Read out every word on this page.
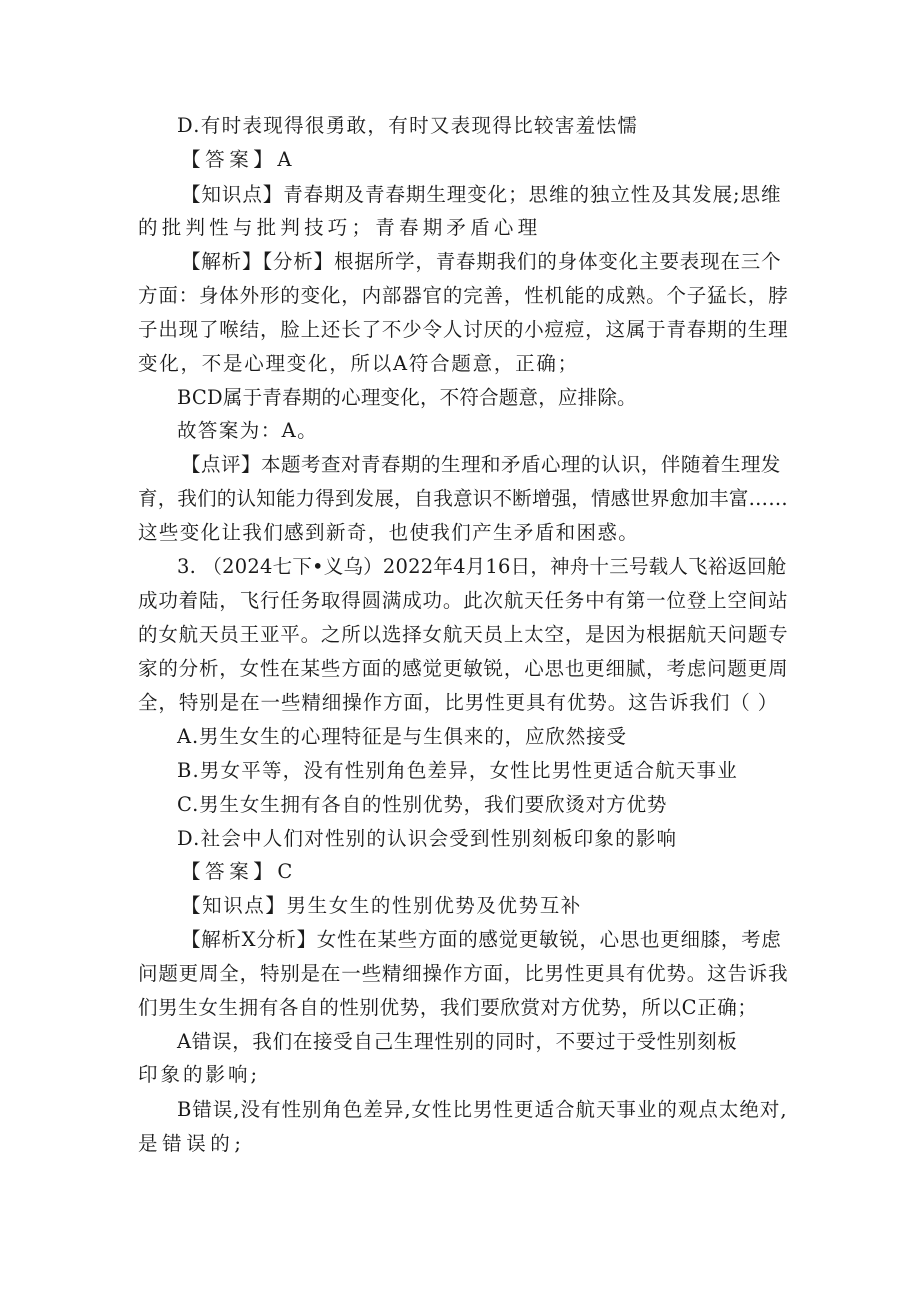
D.有时表现得很勇敢，有时又表现得比较害羞怯懦
【答案】A
【知识点】青春期及青春期生理变化；思维的独立性及其发展;思维
的批判性与批判技巧；青春期矛盾心理
【解析】【分析】根据所学，青春期我们的身体变化主要表现在三个
方面：身体外形的变化，内部器官的完善，性机能的成熟。个子猛长，脖
子出现了喉结，脸上还长了不少令人讨厌的小痘痘，这属于青春期的生理
变化，不是心理变化，所以A符合题意，正确；
BCD属于青春期的心理变化，不符合题意，应排除。
故答案为：A。
【点评】本题考查对青春期的生理和矛盾心理的认识，伴随着生理发
育，我们的认知能力得到发展，自我意识不断增强，情感世界愈加丰富……
这些变化让我们感到新奇，也使我们产生矛盾和困惑。
3. （2024七下•义乌）2022年4月16日，神舟十三号载人飞裕返回舱
成功着陆，飞行任务取得圆满成功。此次航天任务中有第一位登上空间站
的女航天员王亚平。之所以选择女航天员上太空，是因为根据航天问题专
家的分析，女性在某些方面的感觉更敏锐，心思也更细腻，考虑问题更周
全，特别是在一些精细操作方面，比男性更具有优势。这告诉我们（ ）
A.男生女生的心理特征是与生俱来的，应欣然接受
B.男女平等，没有性别角色差异，女性比男性更适合航天事业
C.男生女生拥有各自的性别优势，我们要欣烫对方优势
D.社会中人们对性别的认识会受到性别刻板印象的影响
【答案】C
【知识点】男生女生的性别优势及优势互补
【解析X分析】女性在某些方面的感觉更敏锐，心思也更细膝，考虑
问题更周全，特别是在一些精细操作方面，比男性更具有优势。这告诉我
们男生女生拥有各自的性别优势，我们要欣赏对方优势，所以C正确；
A错误，我们在接受自己生理性别的同时，不要过于受性别刻板
印象的影响;
B错误,没有性别角色差异,女性比男性更适合航天事业的观点太绝对,
是错误的;
